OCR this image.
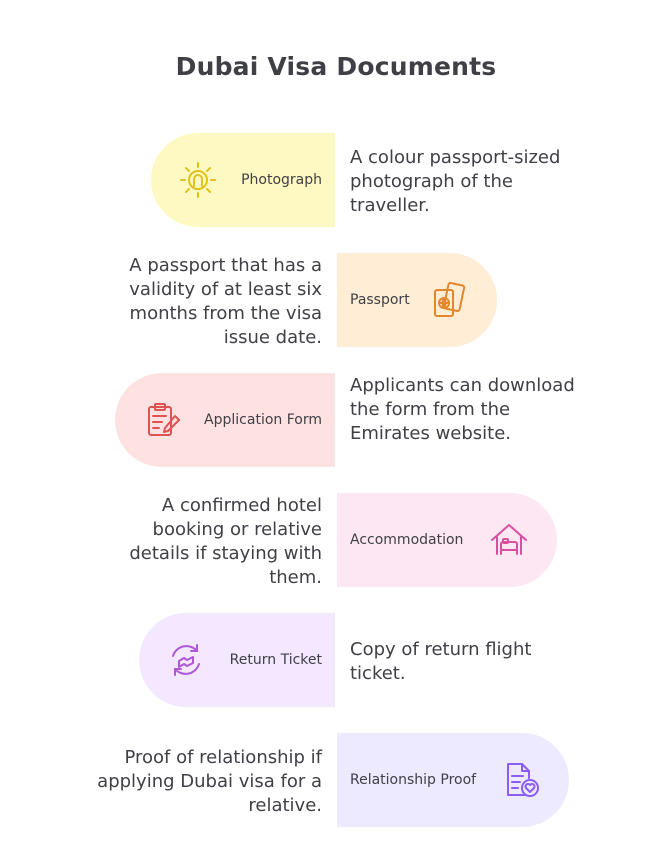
Dubai Visa Documents
Photograph
A colour passport-sized photograph of the traveller.
A passport that has a validity of at least six months from the visa issue date.
Passport
Application Form
Applicants can download the form from the Emirates website.
A confirmed hotel booking or relative details if staying with them.
Accommodation
Return Ticket Copy of return flight ticket.
Proof of relationship if applying Dubai visa for a relative.
Relationship Proof
